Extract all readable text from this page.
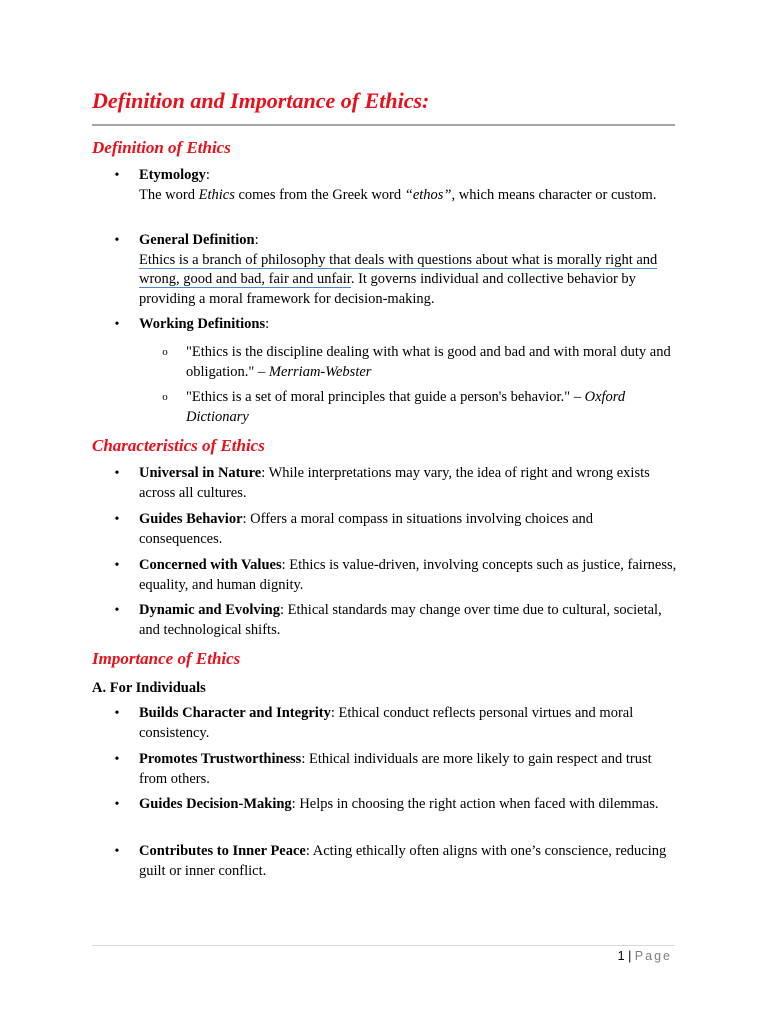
Definition and Importance of Ethics:
Definition of Ethics
• Etymology:
The word Ethics comes from the Greek word “ethos”, which means character or custom.
• General Definition:
Ethics is a branch of philosophy that deals with questions about what is morally right and wrong, good and bad, fair and unfair. It governs individual and collective behavior by providing a moral framework for decision-making.
• Working Definitions:
o "Ethics is the discipline dealing with what is good and bad and with moral duty and obligation." – Merriam-Webster
o "Ethics is a set of moral principles that guide a person's behavior." – Oxford Dictionary
Characteristics of Ethics
• Universal in Nature: While interpretations may vary, the idea of right and wrong exists across all cultures.
• Guides Behavior: Offers a moral compass in situations involving choices and consequences.
• Concerned with Values: Ethics is value-driven, involving concepts such as justice, fairness, equality, and human dignity.
• Dynamic and Evolving: Ethical standards may change over time due to cultural, societal, and technological shifts.
Importance of Ethics
A. For Individuals
• Builds Character and Integrity: Ethical conduct reflects personal virtues and moral consistency.
• Promotes Trustworthiness: Ethical individuals are more likely to gain respect and trust from others.
• Guides Decision-Making: Helps in choosing the right action when faced with dilemmas.
• Contributes to Inner Peace: Acting ethically often aligns with one’s conscience, reducing guilt or inner conflict.
1 | Page
